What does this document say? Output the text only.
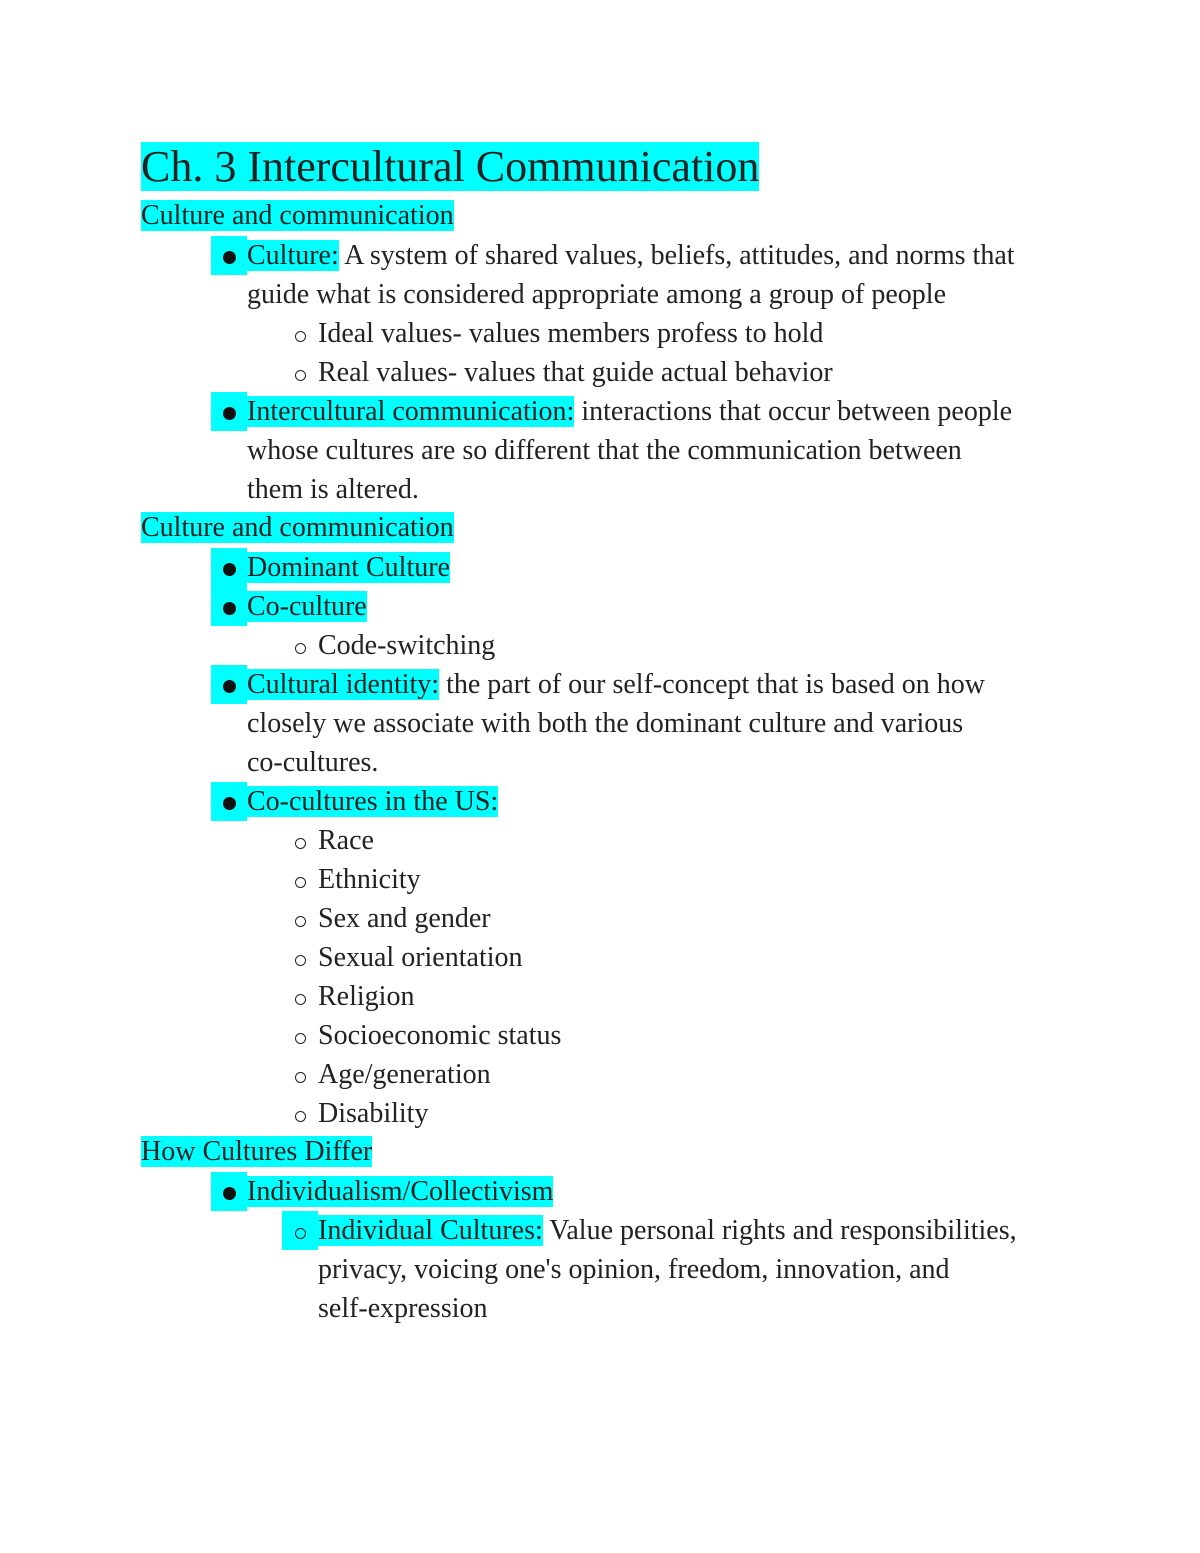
Ch. 3 Intercultural Communication
Culture and communication
Culture: A system of shared values, beliefs, attitudes, and norms that
guide what is considered appropriate among a group of people
Ideal values- values members profess to hold
Real values- values that guide actual behavior
Intercultural communication: interactions that occur between people
whose cultures are so different that the communication between
them is altered.
Culture and communication
Dominant Culture
Co-culture
Code-switching
Cultural identity: the part of our self-concept that is based on how
closely we associate with both the dominant culture and various
co-cultures.
Co-cultures in the US:
Race
Ethnicity
Sex and gender
Sexual orientation
Religion
Socioeconomic status
Age/generation
Disability
How Cultures Differ
Individualism/Collectivism
Individual Cultures: Value personal rights and responsibilities,
privacy, voicing one's opinion, freedom, innovation, and
self-expression
